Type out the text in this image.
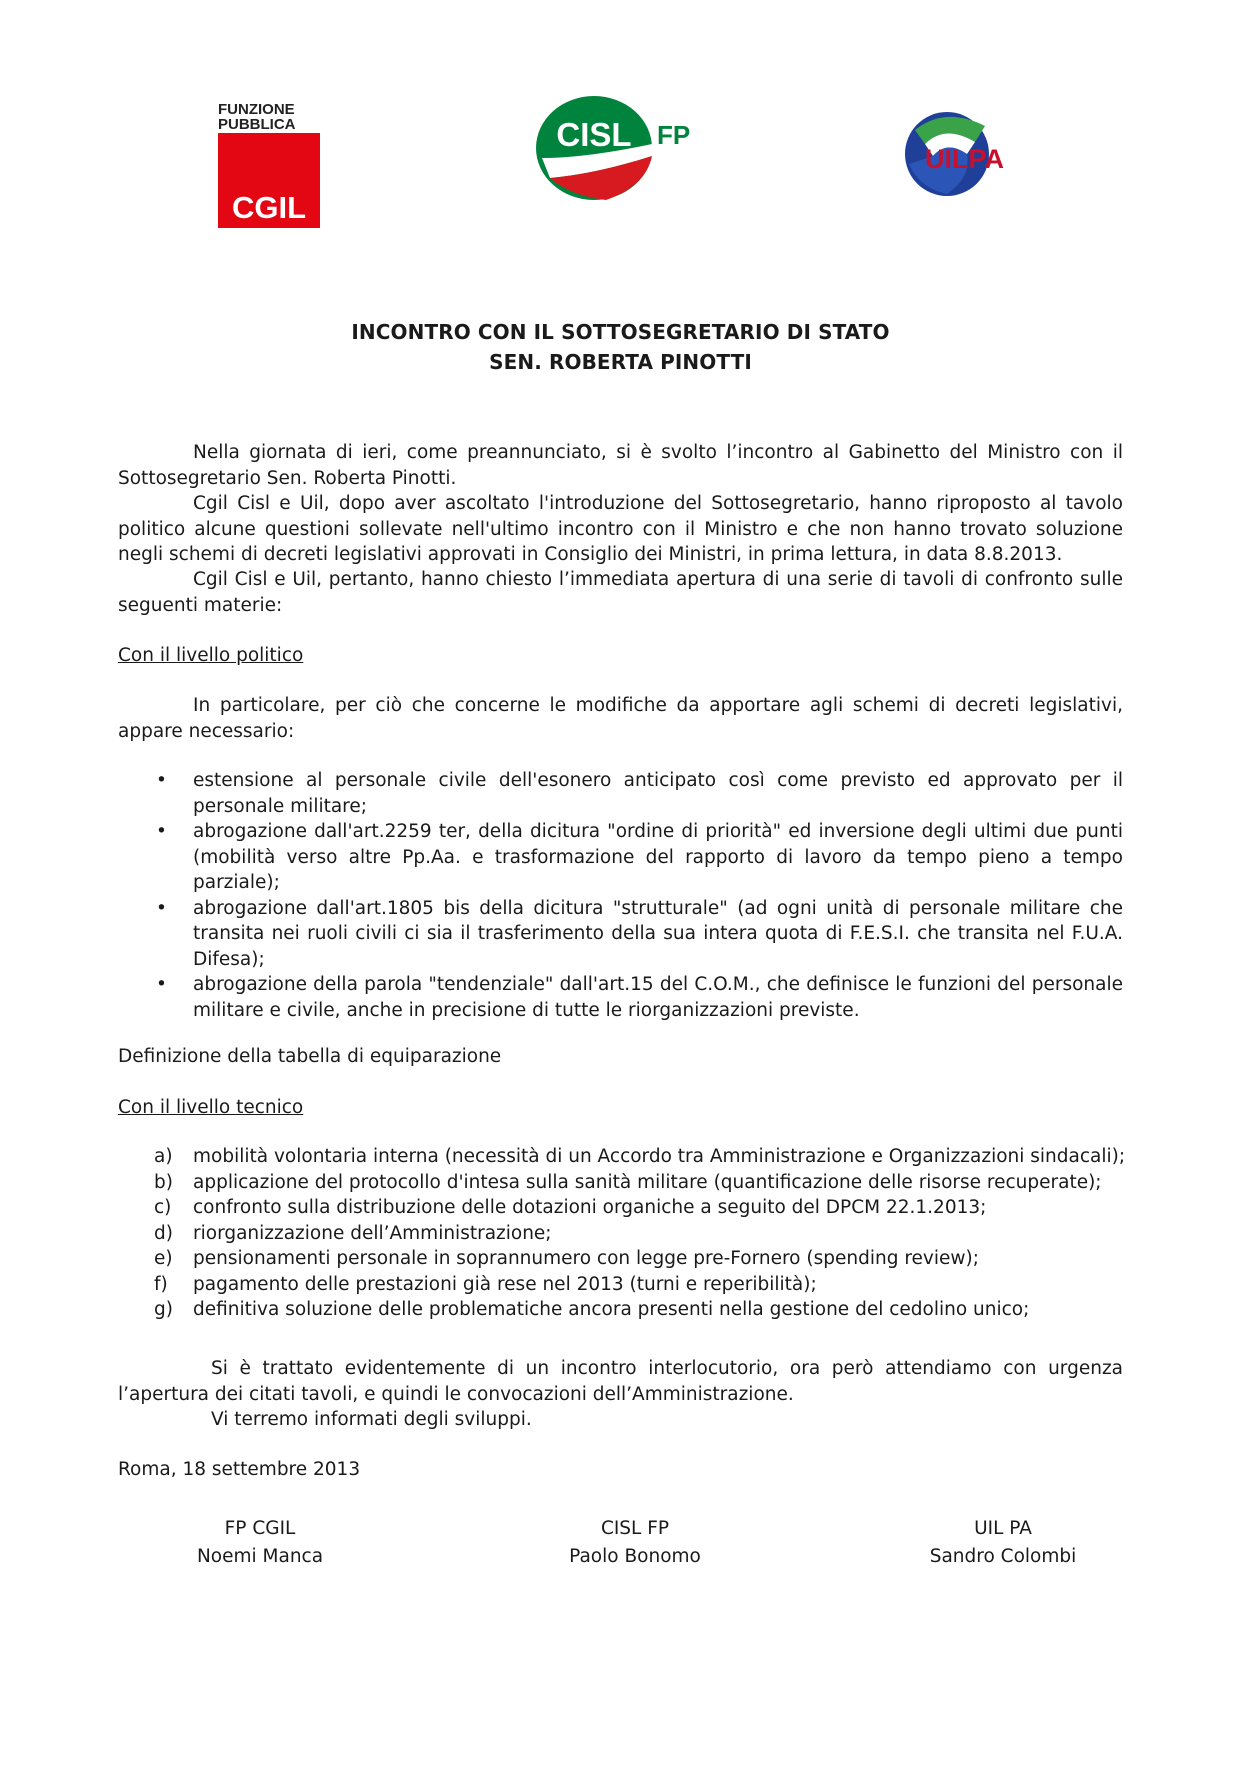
FUNZIONE
PUBBLICA
CGIL
CISL FP
UILPA
INCONTRO CON IL SOTTOSEGRETARIO DI STATO
SEN. ROBERTA PINOTTI
Nella giornata di ieri, come preannunciato, si è svolto l’incontro al Gabinetto del Ministro con il Sottosegretario Sen. Roberta Pinotti.
Cgil Cisl e Uil, dopo aver ascoltato l'introduzione del Sottosegretario, hanno riproposto al tavolo politico alcune questioni sollevate nell'ultimo incontro con il Ministro e che non hanno trovato soluzione negli schemi di decreti legislativi approvati in Consiglio dei Ministri, in prima lettura, in data 8.8.2013.
Cgil Cisl e Uil, pertanto, hanno chiesto l’immediata apertura di una serie di tavoli di confronto sulle seguenti materie:
Con il livello politico
In particolare, per ciò che concerne le modifiche da apportare agli schemi di decreti legislativi, appare necessario:
• estensione al personale civile dell'esonero anticipato così come previsto ed approvato per il personale militare;
• abrogazione dall'art.2259 ter, della dicitura "ordine di priorità" ed inversione degli ultimi due punti (mobilità verso altre Pp.Aa. e trasformazione del rapporto di lavoro da tempo pieno a tempo parziale);
• abrogazione dall'art.1805 bis della dicitura "strutturale" (ad ogni unità di personale militare che transita nei ruoli civili ci sia il trasferimento della sua intera quota di F.E.S.I. che transita nel F.U.A. Difesa);
• abrogazione della parola "tendenziale" dall'art.15 del C.O.M., che definisce le funzioni del personale militare e civile, anche in precisione di tutte le riorganizzazioni previste.
Definizione della tabella di equiparazione
Con il livello tecnico
a) mobilità volontaria interna (necessità di un Accordo tra Amministrazione e Organizzazioni sindacali);
b) applicazione del protocollo d'intesa sulla sanità militare (quantificazione delle risorse recuperate);
c) confronto sulla distribuzione delle dotazioni organiche a seguito del DPCM 22.1.2013;
d) riorganizzazione dell’Amministrazione;
e) pensionamenti personale in soprannumero con legge pre-Fornero (spending review);
f) pagamento delle prestazioni già rese nel 2013 (turni e reperibilità);
g) definitiva soluzione delle problematiche ancora presenti nella gestione del cedolino unico;
Si è trattato evidentemente di un incontro interlocutorio, ora però attendiamo con urgenza l’apertura dei citati tavoli, e quindi le convocazioni dell’Amministrazione.
Vi terremo informati degli sviluppi.
Roma, 18 settembre 2013
FP CGIL
Noemi Manca
CISL FP
Paolo Bonomo
UIL PA
Sandro Colombi
